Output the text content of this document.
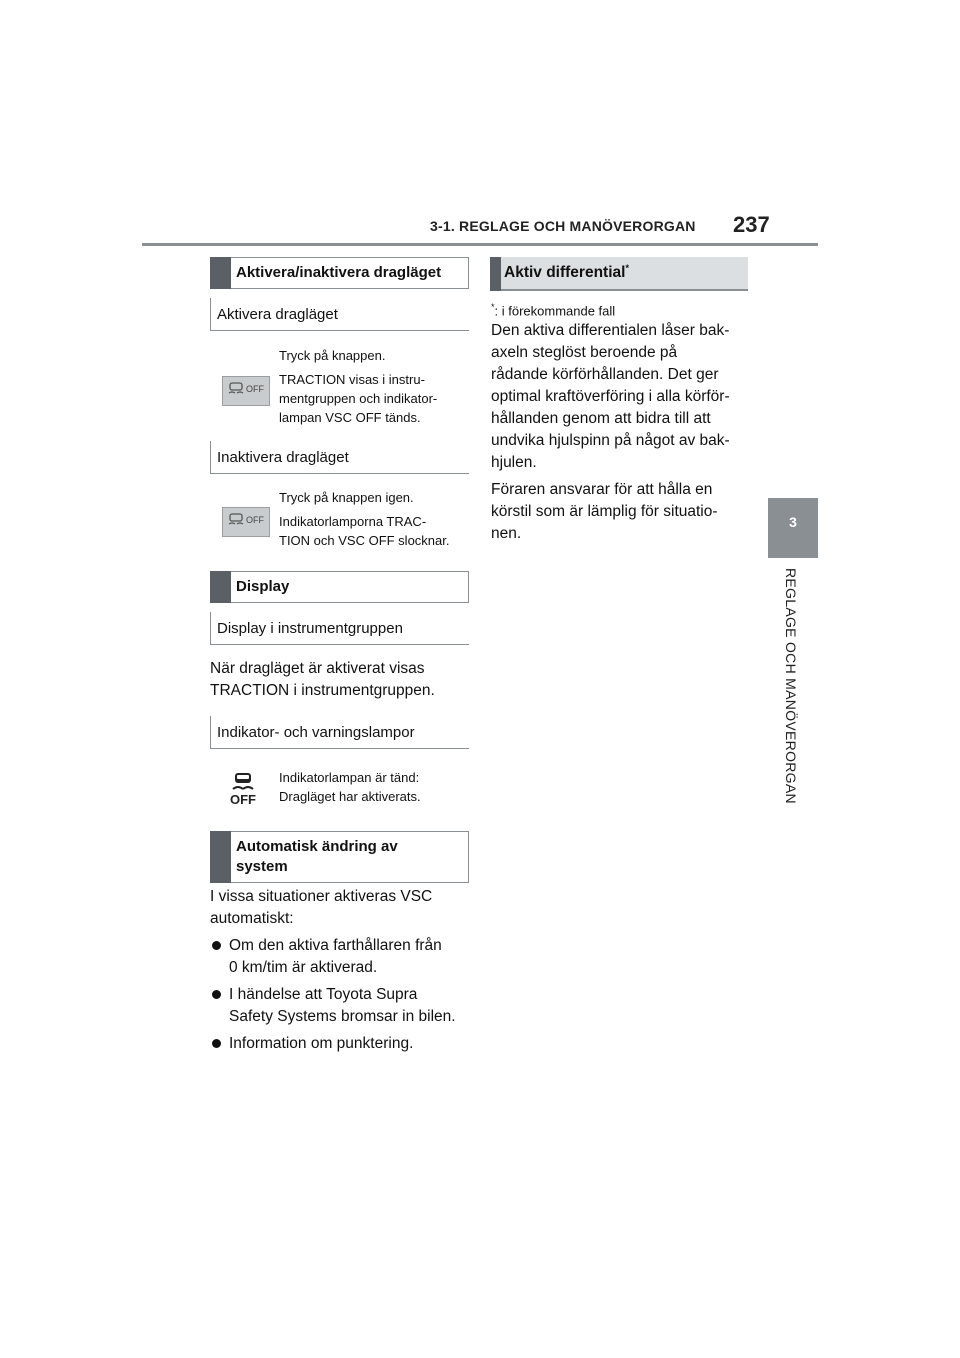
3-1. REGLAGE OCH MANÖVERORGAN 237
3
REGLAGE OCH MANÖVERORGAN
Aktivera/inaktivera dragläget
Aktivera dragläget
Tryck på knappen.
OFF
TRACTION visas i instru-
mentgruppen och indikator-
lampan VSC OFF tänds.
Inaktivera dragläget
Tryck på knappen igen.
OFF Indikatorlamporna TRAC-
TION och VSC OFF slocknar.
Display
Display i instrumentgruppen
När dragläget är aktiverat visas
TRACTION i instrumentgruppen.
Indikator- och varningslampor
OFF
Indikatorlampan är tänd:
Dragläget har aktiverats.
Automatisk ändring av
system
I vissa situationer aktiveras VSC
automatiskt:
Om den aktiva farthållaren från
0 km/tim är aktiverad.
I händelse att Toyota Supra
Safety Systems bromsar in bilen.
Information om punktering.
Aktiv differential*
*: i förekommande fall
Den aktiva differentialen låser bak-
axeln steglöst beroende på
rådande körförhållanden. Det ger
optimal kraftöverföring i alla körför-
hållanden genom att bidra till att
undvika hjulspinn på något av bak-
hjulen.
Föraren ansvarar för att hålla en
körstil som är lämplig för situatio-
nen.
